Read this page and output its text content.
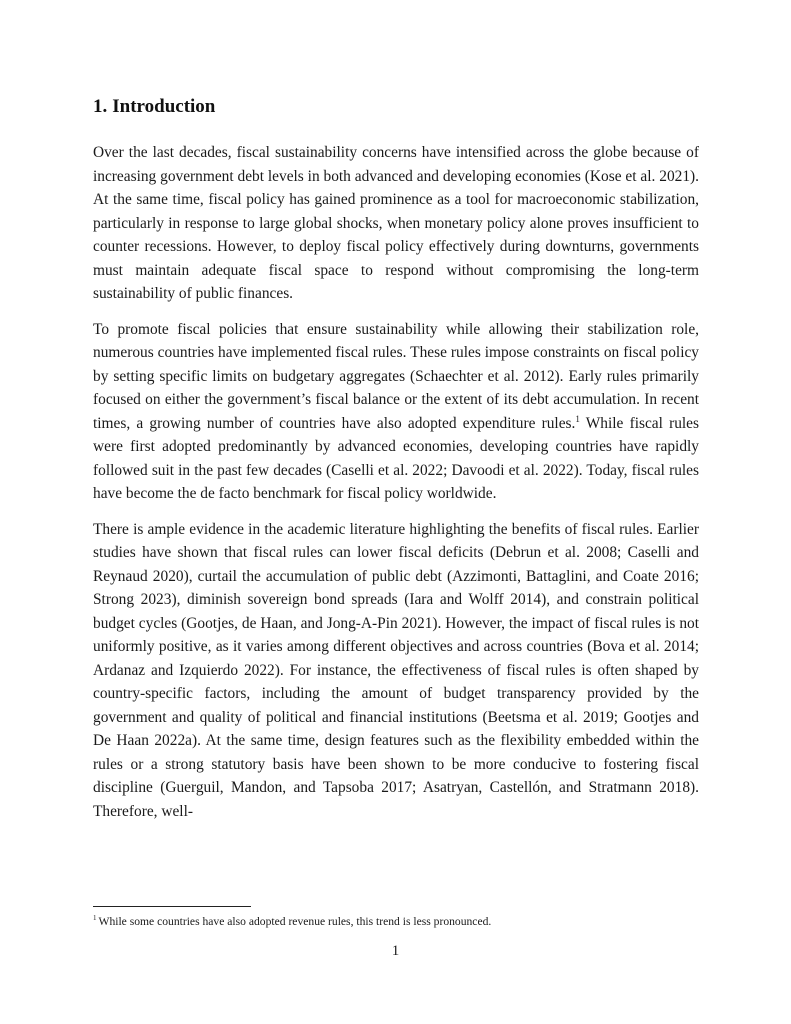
1. Introduction

Over the last decades, fiscal sustainability concerns have intensified across the globe because of increasing government debt levels in both advanced and developing economies (Kose et al. 2021). At the same time, fiscal policy has gained prominence as a tool for macroeconomic stabilization, particularly in response to large global shocks, when monetary policy alone proves insufficient to counter recessions. However, to deploy fiscal policy effectively during downturns, governments must maintain adequate fiscal space to respond without compromising the long-term sustainability of public finances.

To promote fiscal policies that ensure sustainability while allowing their stabilization role, numerous countries have implemented fiscal rules. These rules impose constraints on fiscal policy by setting specific limits on budgetary aggregates (Schaechter et al. 2012). Early rules primarily focused on either the government’s fiscal balance or the extent of its debt accumulation. In recent times, a growing number of countries have also adopted expenditure rules.$^1$ While fiscal rules were first adopted predominantly by advanced economies, developing countries have rapidly followed suit in the past few decades (Caselli et al. 2022; Davoodi et al. 2022). Today, fiscal rules have become the de facto benchmark for fiscal policy worldwide.

There is ample evidence in the academic literature highlighting the benefits of fiscal rules. Earlier studies have shown that fiscal rules can lower fiscal deficits (Debrun et al. 2008; Caselli and Reynaud 2020), curtail the accumulation of public debt (Azzimonti, Battaglini, and Coate 2016; Strong 2023), diminish sovereign bond spreads (Iara and Wolff 2014), and constrain political budget cycles (Gootjes, de Haan, and Jong-A-Pin 2021). However, the impact of fiscal rules is not uniformly positive, as it varies among different objectives and across countries (Bova et al. 2014; Ardanaz and Izquierdo 2022). For instance, the effectiveness of fiscal rules is often shaped by country-specific factors, including the amount of budget transparency provided by the government and quality of political and financial institutions (Beetsma et al. 2019; Gootjes and De Haan 2022a). At the same time, design features such as the flexibility embedded within the rules or a strong statutory basis have been shown to be more conducive to fostering fiscal discipline (Guerguil, Mandon, and Tapsoba 2017; Asatryan, Castellón, and Stratmann 2018). Therefore, well-

$^1$ While some countries have also adopted revenue rules, this trend is less pronounced.

1
